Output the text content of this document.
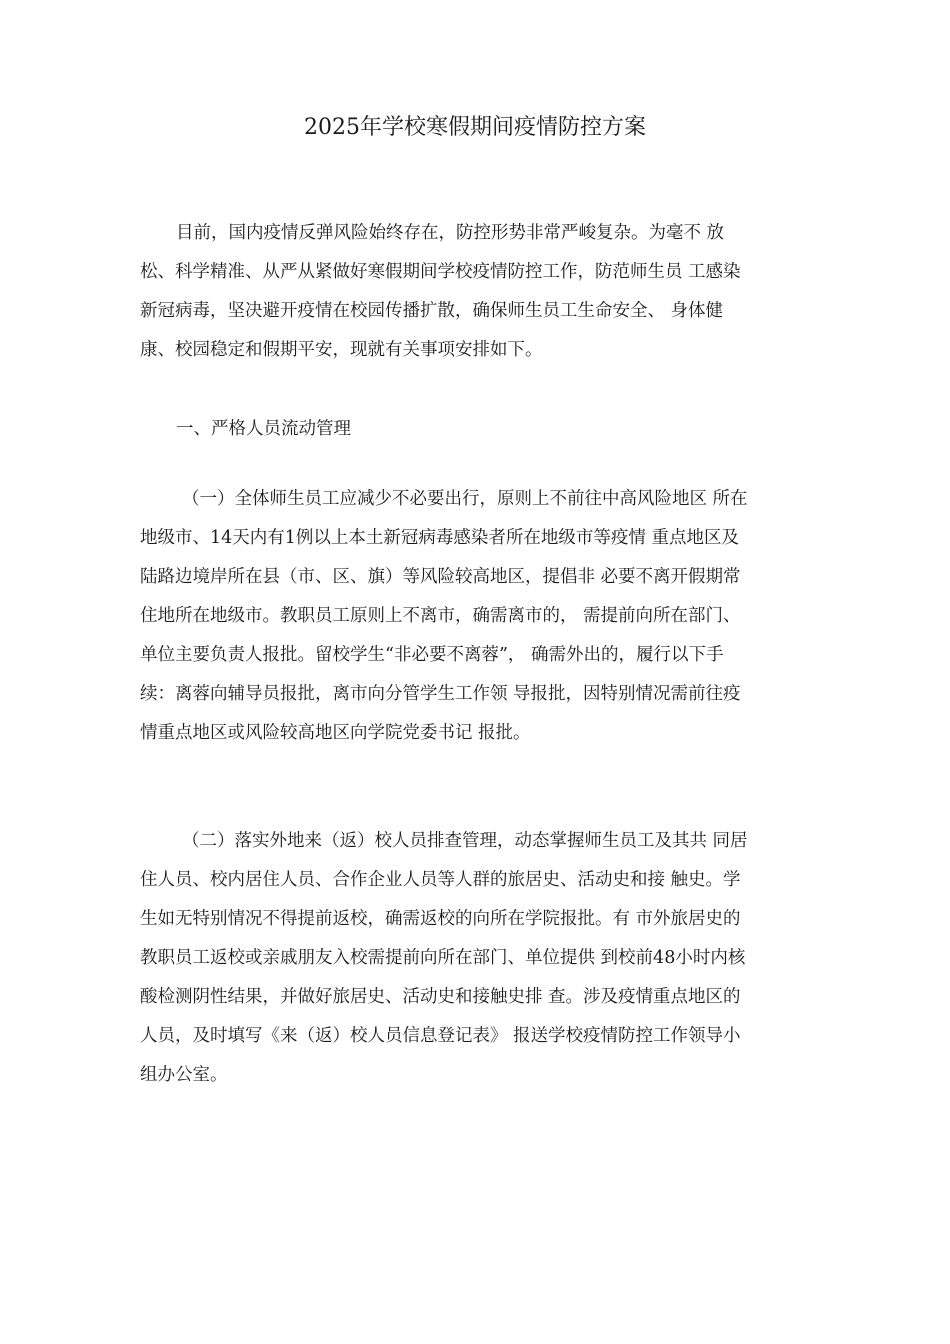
2025年学校寒假期间疫情防控方案
目前，国内疫情反弹风险始终存在，防控形势非常严峻复杂。为毫不 放
松、科学精准、从严从紧做好寒假期间学校疫情防控工作，防范师生员 工感染
新冠病毒，坚决避开疫情在校园传播扩散，确保师生员工生命安全、 身体健
康、校园稳定和假期平安，现就有关事项安排如下。
一、严格人员流动管理
（一）全体师生员工应减少不必要出行，原则上不前往中高风险地区 所在
地级市、14天内有1例以上本土新冠病毒感染者所在地级市等疫情 重点地区及
陆路边境岸所在县（市、区、旗）等风险较高地区，提倡非 必要不离开假期常
住地所在地级市。教职员工原则上不离市，确需离市的， 需提前向所在部门、
单位主要负责人报批。留校学生“非必要不离蓉”， 确需外出的，履行以下手
续：离蓉向辅导员报批，离市向分管学生工作领 导报批，因特别情况需前往疫
情重点地区或风险较高地区向学院党委书记 报批。
（二）落实外地来（返）校人员排查管理，动态掌握师生员工及其共 同居
住人员、校内居住人员、合作企业人员等人群的旅居史、活动史和接 触史。学
生如无特别情况不得提前返校，确需返校的向所在学院报批。有 市外旅居史的
教职员工返校或亲戚朋友入校需提前向所在部门、单位提供 到校前48小时内核
酸检测阴性结果，并做好旅居史、活动史和接触史排 查。涉及疫情重点地区的
人员，及时填写《来（返）校人员信息登记表》 报送学校疫情防控工作领导小
组办公室。
